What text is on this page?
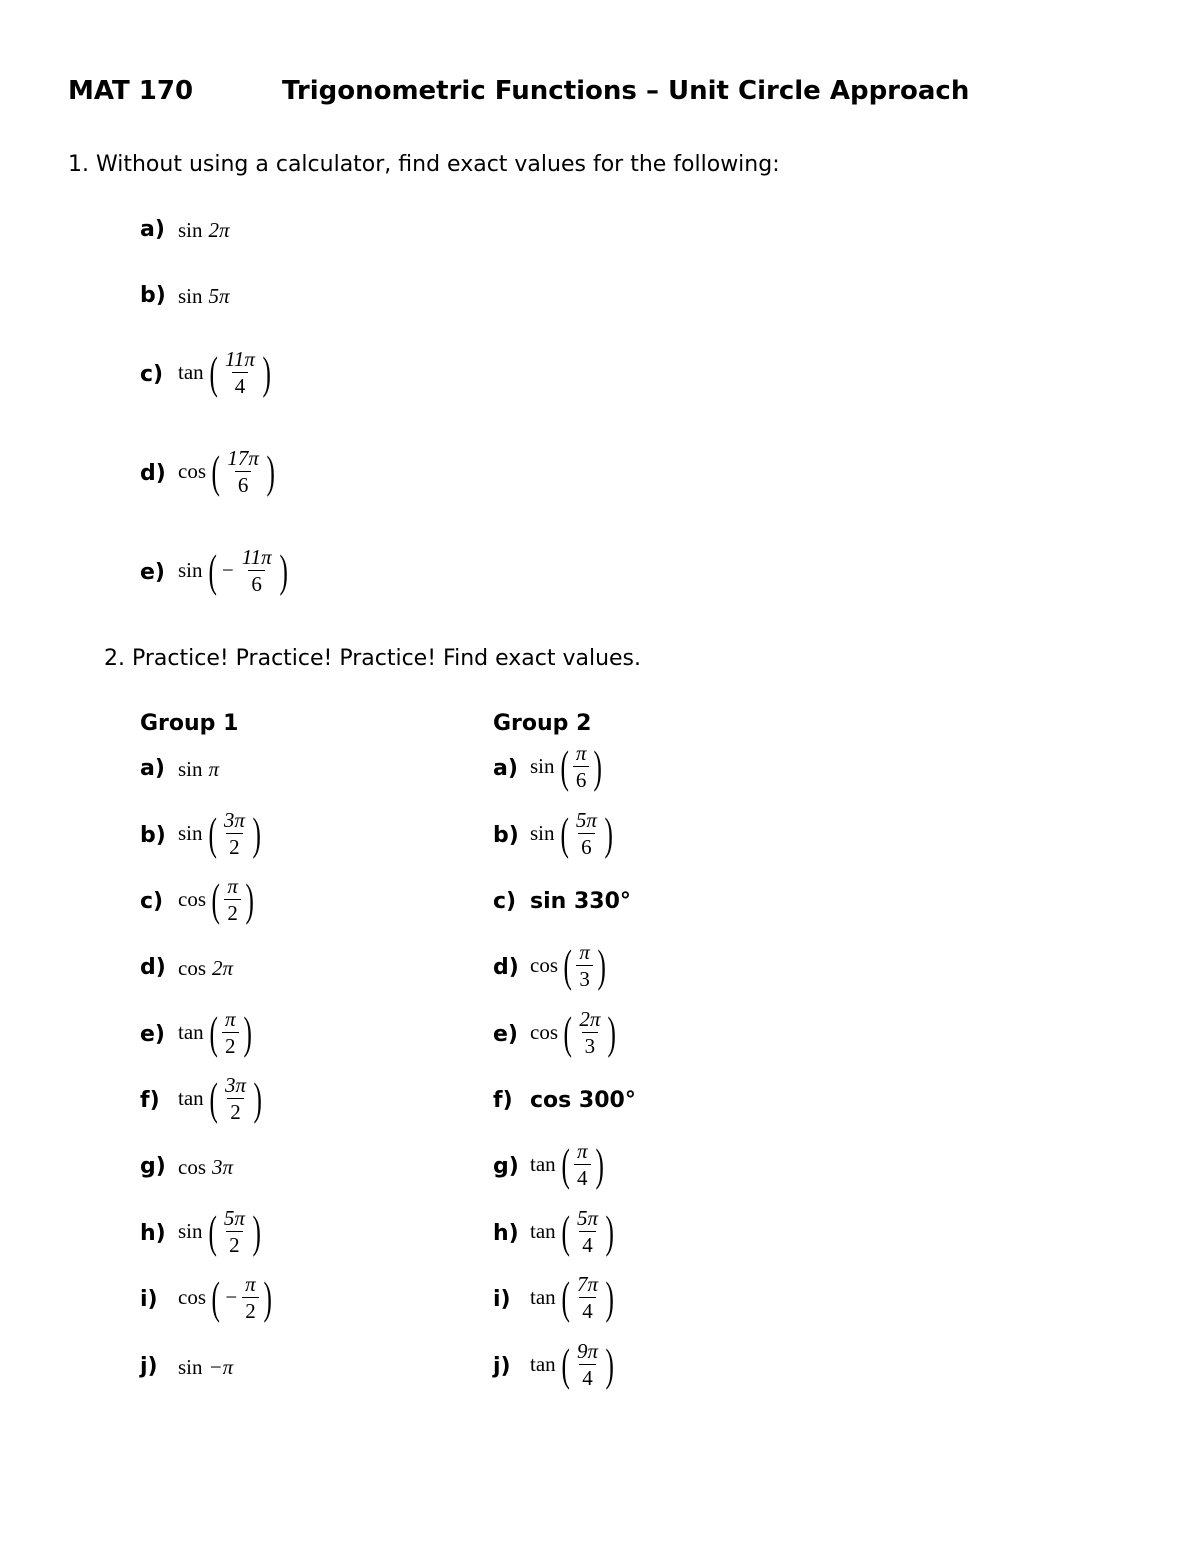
MAT 170	Trigonometric Functions – Unit Circle Approach
1. Without using a calculator, find exact values for the following:
a) sin 2π
b) sin 5π
c) tan ( $\frac{11\pi}{4}$ )
d) cos ( $\frac{17\pi}{6}$ )
e) sin ( − $\frac{11\pi}{6}$ )
2. Practice! Practice! Practice! Find exact values.
Group 1	Group 2
a) sin π
b) sin ( $\frac{3\pi}{2}$ )
c) cos ( $\frac{\pi}{2}$ )
d) cos 2π
e) tan ( $\frac{\pi}{2}$ )
f) tan ( $\frac{3\pi}{2}$ )
g) cos 3π
h) sin ( $\frac{5\pi}{2}$ )
i) cos ( − $\frac{\pi}{2}$ )
j) sin −π
a) sin ( $\frac{\pi}{6}$ )
b) sin ( $\frac{5\pi}{6}$ )
c) sin 330°
d) cos ( $\frac{\pi}{3}$ )
e) cos ( $\frac{2\pi}{3}$ )
f) cos 300°
g) tan ( $\frac{\pi}{4}$ )
h) tan ( $\frac{5\pi}{4}$ )
i) tan ( $\frac{7\pi}{4}$ )
j) tan ( $\frac{9\pi}{4}$ )
